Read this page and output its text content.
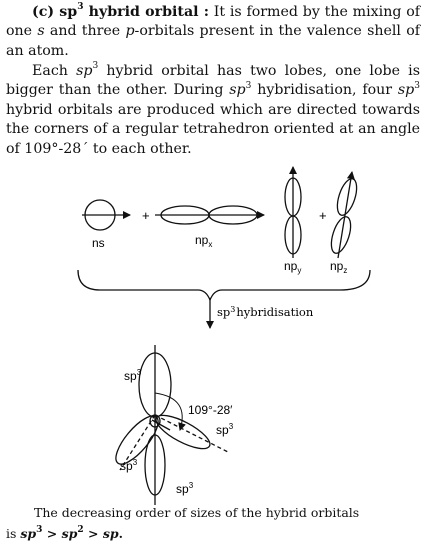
(c) $sp^3$ hybrid orbital : It is formed by the mixing of one s and three p-orbitals present in the valence shell of an atom.

Each $sp^3$ hybrid orbital has two lobes, one lobe is bigger than the other. During $sp^3$ hybridisation, four $sp^3$ hybrid orbitals are produced which are directed towards the corners of a regular tetrahedron oriented at an angle of 109°-28´ to each other.

+	+
ns	$np_x$
$np_y$ $np_z$
$sp^3hybridisation$
109°-28′
$sp^3$
$sp^3$
$sp^3$
$sp^3$
The decreasing order of sizes of the hybrid orbitals
is $sp^3 > sp^2$ > sp.
